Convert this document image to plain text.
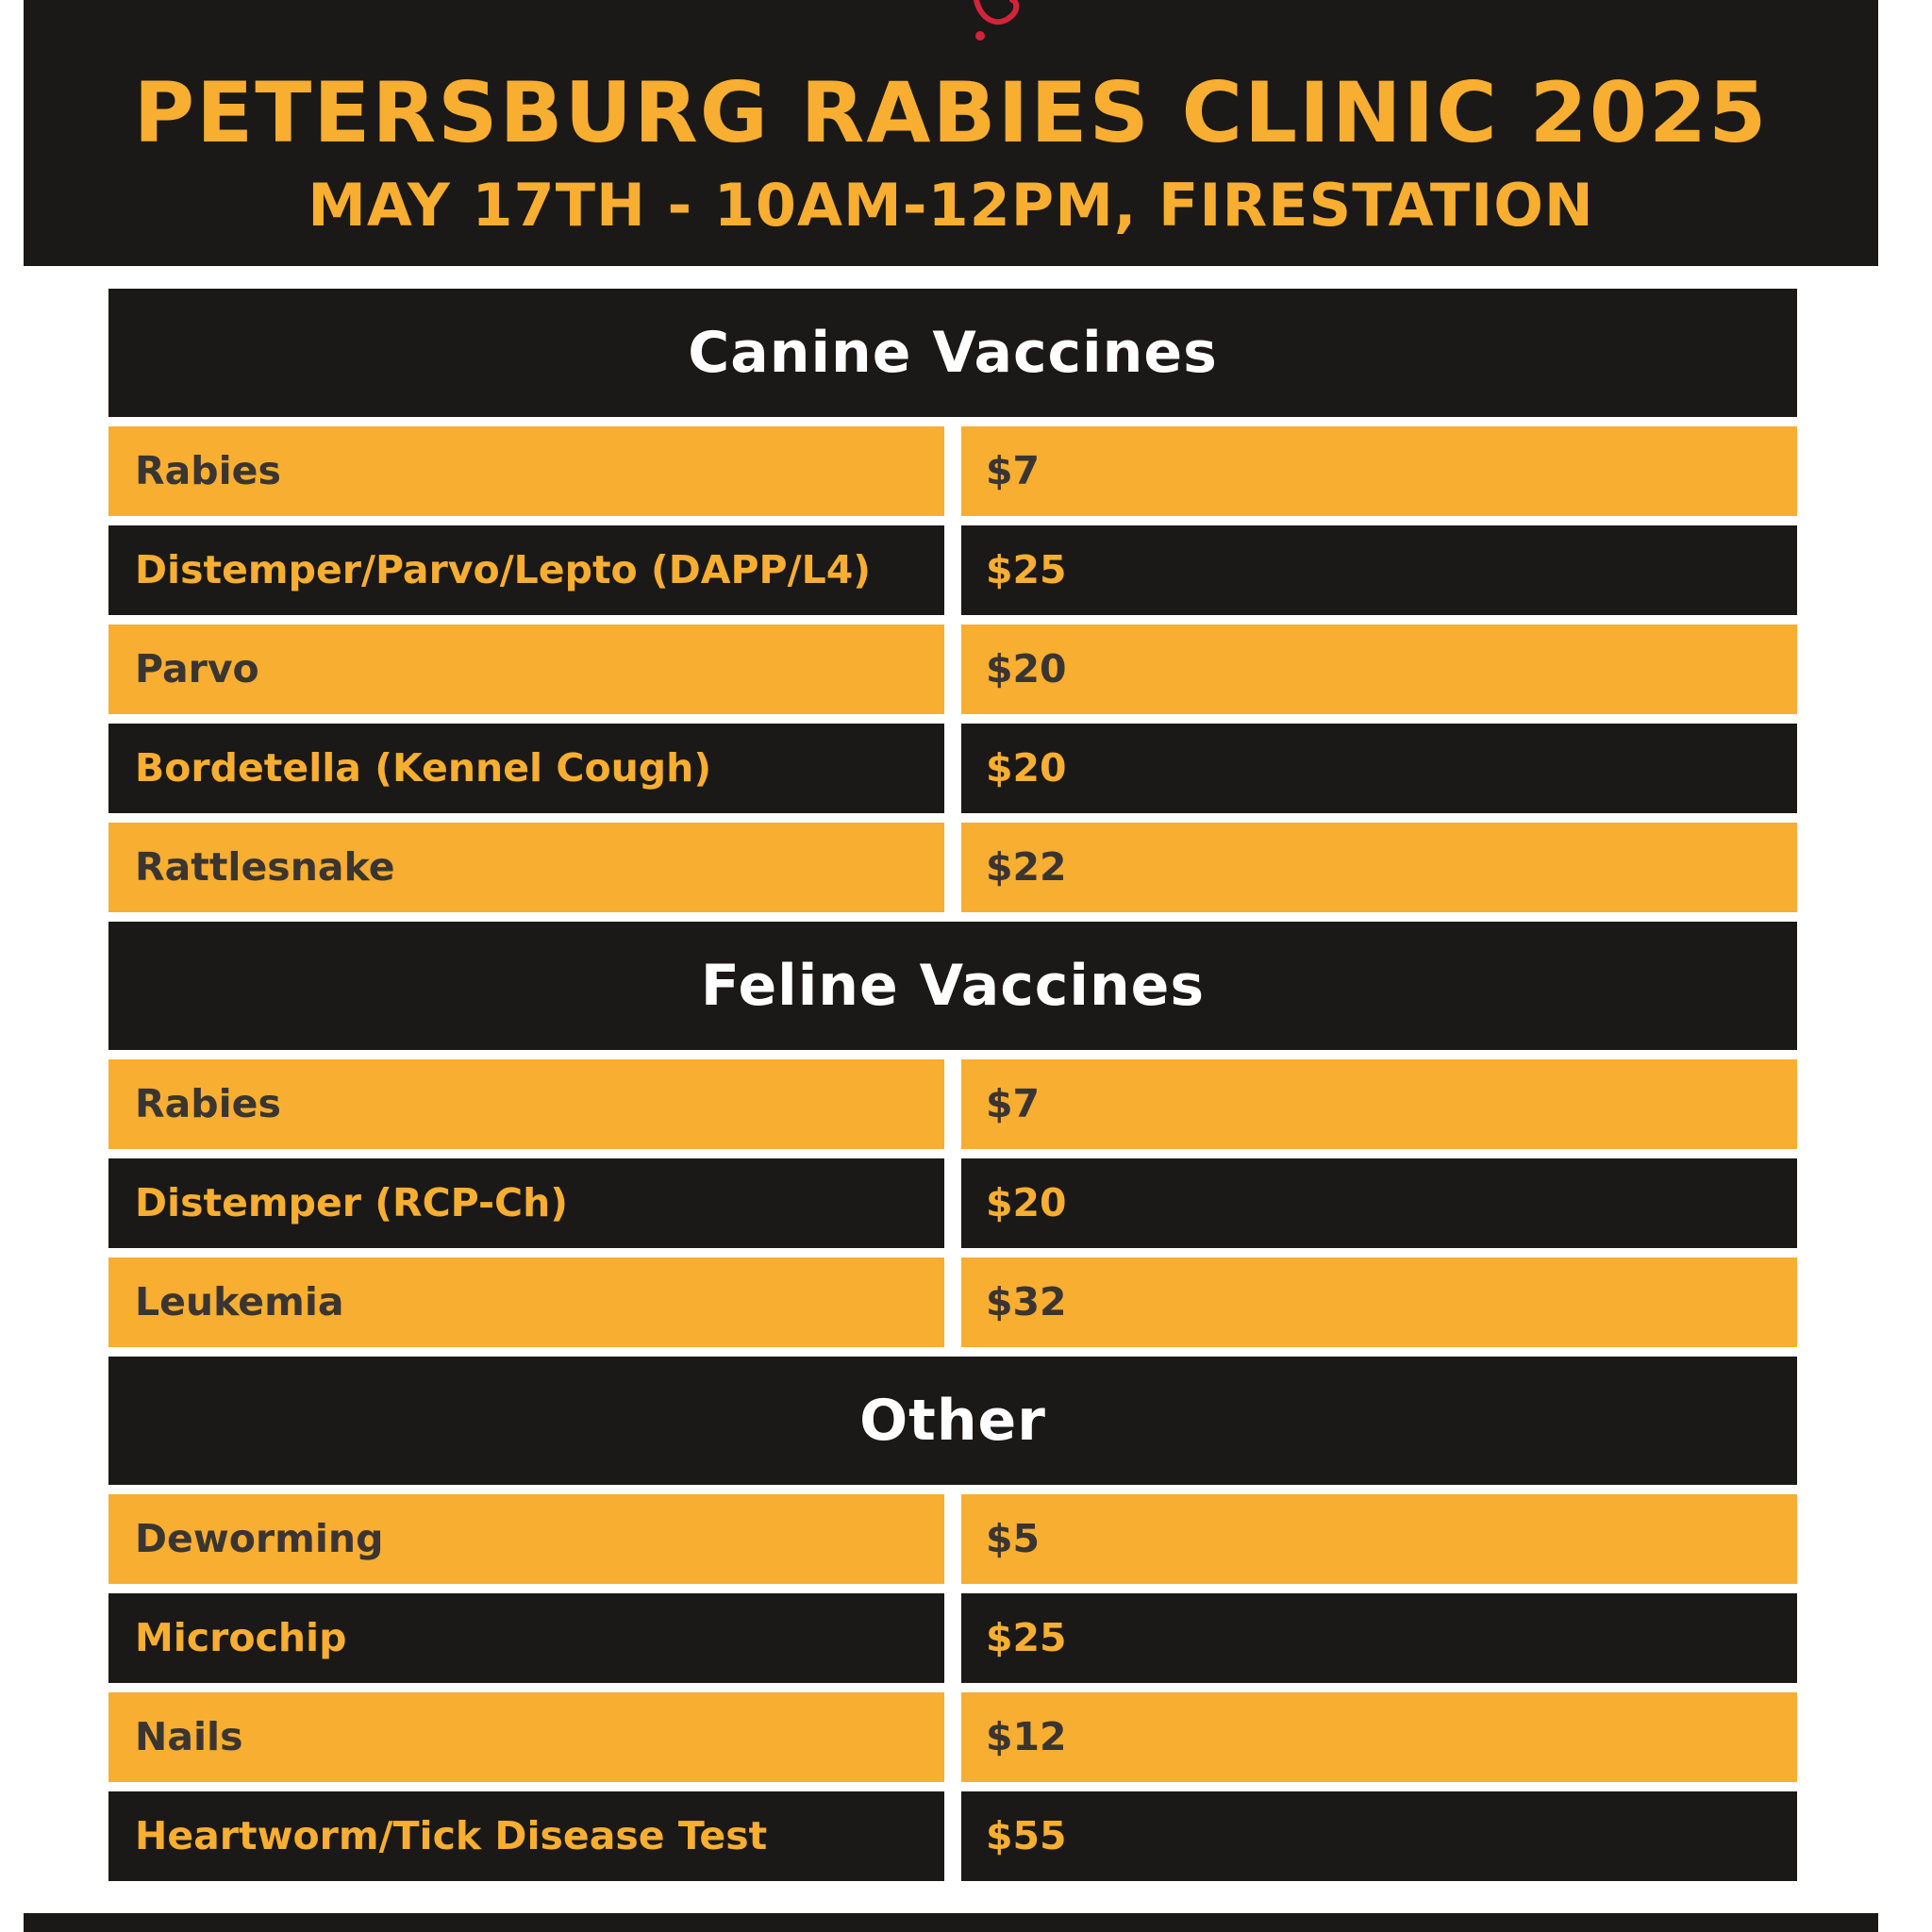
PETERSBURG RABIES CLINIC 2025
MAY 17TH - 10AM-12PM, FIRESTATION
Canine Vaccines
Rabies	$7
Distemper/Parvo/Lepto (DAPP/L4)	$25
Parvo	$20
Bordetella (Kennel Cough)	$20
Rattlesnake	$22
Feline Vaccines
Rabies	$7
Distemper (RCP-Ch)	$20
Leukemia	$32
Other
Deworming	$5
Microchip	$25
Nails	$12
Heartworm/Tick Disease Test	$55
